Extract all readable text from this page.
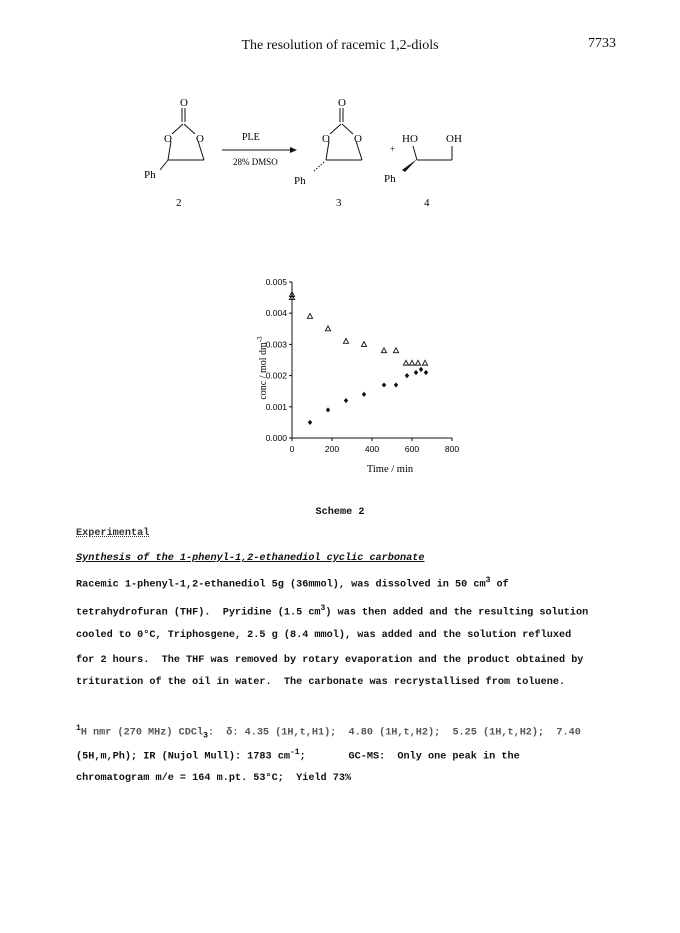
The resolution of racemic 1,2-diols	7733
O
O O
Ph
PLE
28% DMSO
O
O O
Ph
+
HO	OH
Ph
2	3	4
0	200	400	600	800
0.000
0.001
0.002
0.003
0.004
0.005
Time / min
conc / mol $dm^{-3}$
Scheme 2
Experimental
Synthesis of the 1-phenyl-1,2-ethanediol cyclic carbonate
Racemic 1-phenyl-1,2-ethanediol 5g (36mmol), was dissolved in 50 $cm^3$ of
tetrahydrofuran (THF).  Pyridine (1.5 $cm^3$) was then added and the resulting solution
cooled to 0°C, Triphosgene, 2.5 g (8.4 mmol), was added and the solution refluxed
for 2 hours.  The THF was removed by rotary evaporation and the product obtained by
trituration of the oil in water.  The carbonate was recrystallised from toluene.
$^1$H nmr (270 MHz) CDCl$_3$:  δ: 4.35 (1H,t,H1);  4.80 (1H,t,H2);  5.25 (1H,t,H2);  7.40
(5H,m,Ph); IR (Nujol Mull): 1783 $cm^{-1}$;       GC-MS:  Only one peak in the
chromatogram m/e = 164 m.pt. 53°C;  Yield 73%
